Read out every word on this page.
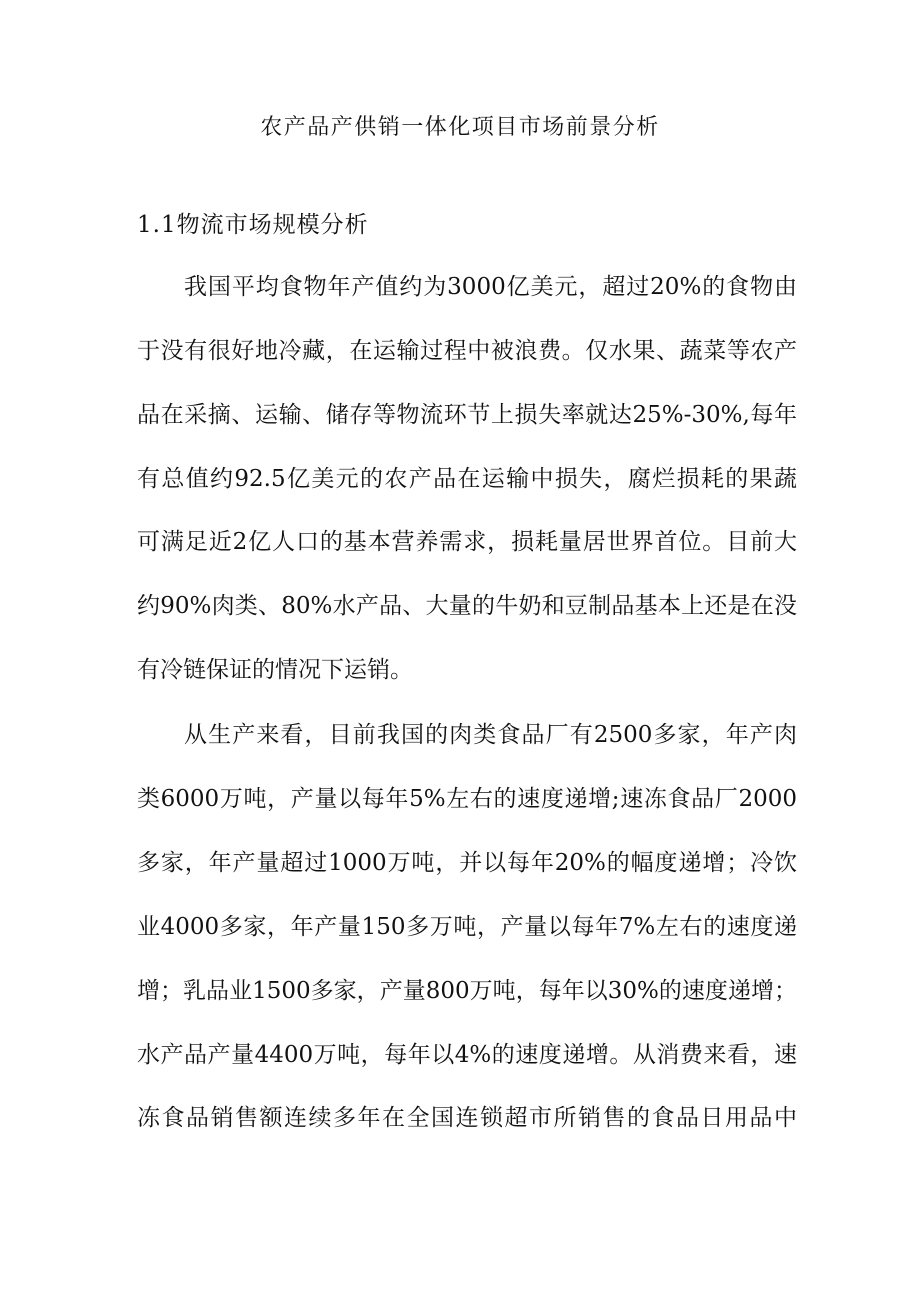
农产品产供销一体化项目市场前景分析
1.1物流市场规模分析
我国平均食物年产值约为3000亿美元，超过20%的食物由
于没有很好地冷藏，在运输过程中被浪费。仅水果、蔬菜等农产
品在采摘、运输、储存等物流环节上损失率就达25%-30%,每年
有总值约92.5亿美元的农产品在运输中损失，腐烂损耗的果蔬
可满足近2亿人口的基本营养需求，损耗量居世界首位。目前大
约90%肉类、80%水产品、大量的牛奶和豆制品基本上还是在没
有冷链保证的情况下运销。
从生产来看，目前我国的肉类食品厂有2500多家，年产肉
类6000万吨，产量以每年5%左右的速度递增;速冻食品厂2000
多家，年产量超过1000万吨，并以每年20%的幅度递增；冷饮
业4000多家，年产量150多万吨，产量以每年7%左右的速度递
增；乳品业1500多家，产量800万吨，每年以30%的速度递增；
水产品产量4400万吨，每年以4%的速度递增。从消费来看，速
冻食品销售额连续多年在全国连锁超市所销售的食品日用品中
